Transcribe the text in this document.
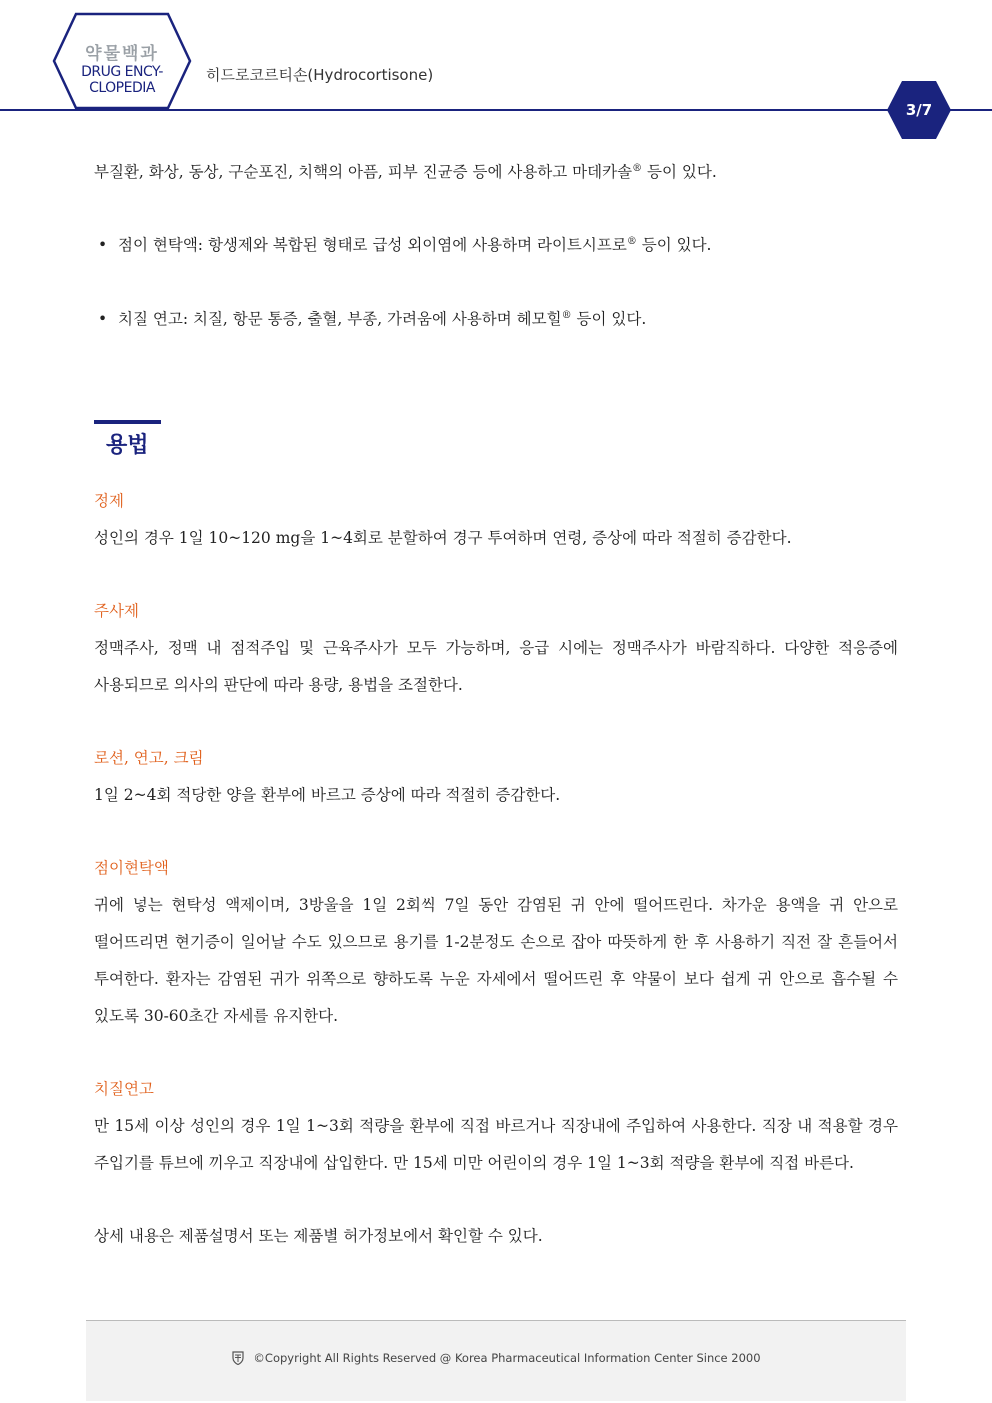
약물백과
DRUG ENCY-
CLOPEDIA
히드로코르티손(Hydrocortisone)
3/7

부질환, 화상, 동상, 구순포진, 치핵의 아픔, 피부 진균증 등에 사용하고 마데카솔® 등이 있다.

• 점이 현탁액: 항생제와 복합된 형태로 급성 외이염에 사용하며 라이트시프로® 등이 있다.

• 치질 연고: 치질, 항문 통증, 출혈, 부종, 가려움에 사용하며 헤모힐® 등이 있다.

용법

정제

성인의 경우 1일 10~120 mg을 1~4회로 분할하여 경구 투여하며 연령, 증상에 따라 적절히 증감한다.

주사제

정맥주사, 정맥 내 점적주입 및 근육주사가 모두 가능하며, 응급 시에는 정맥주사가 바람직하다. 다양한 적응증에 사용되므로 의사의 판단에 따라 용량, 용법을 조절한다.

로션, 연고, 크림

1일 2~4회 적당한 양을 환부에 바르고 증상에 따라 적절히 증감한다.

점이현탁액

귀에 넣는 현탁성 액제이며, 3방울을 1일 2회씩 7일 동안 감염된 귀 안에 떨어뜨린다. 차가운 용액을 귀 안으로 떨어뜨리면 현기증이 일어날 수도 있으므로 용기를 1-2분정도 손으로 잡아 따뜻하게 한 후 사용하기 직전 잘 흔들어서 투여한다. 환자는 감염된 귀가 위쪽으로 향하도록 누운 자세에서 떨어뜨린 후 약물이 보다 쉽게 귀 안으로 흡수될 수 있도록 30-60초간 자세를 유지한다.

치질연고

만 15세 이상 성인의 경우 1일 1~3회 적량을 환부에 직접 바르거나 직장내에 주입하여 사용한다. 직장 내 적용할 경우 주입기를 튜브에 끼우고 직장내에 삽입한다. 만 15세 미만 어린이의 경우 1일 1~3회 적량을 환부에 직접 바른다.

상세 내용은 제품설명서 또는 제품별 허가정보에서 확인할 수 있다.

©Copyright All Rights Reserved @ Korea Pharmaceutical Information Center Since 2000
